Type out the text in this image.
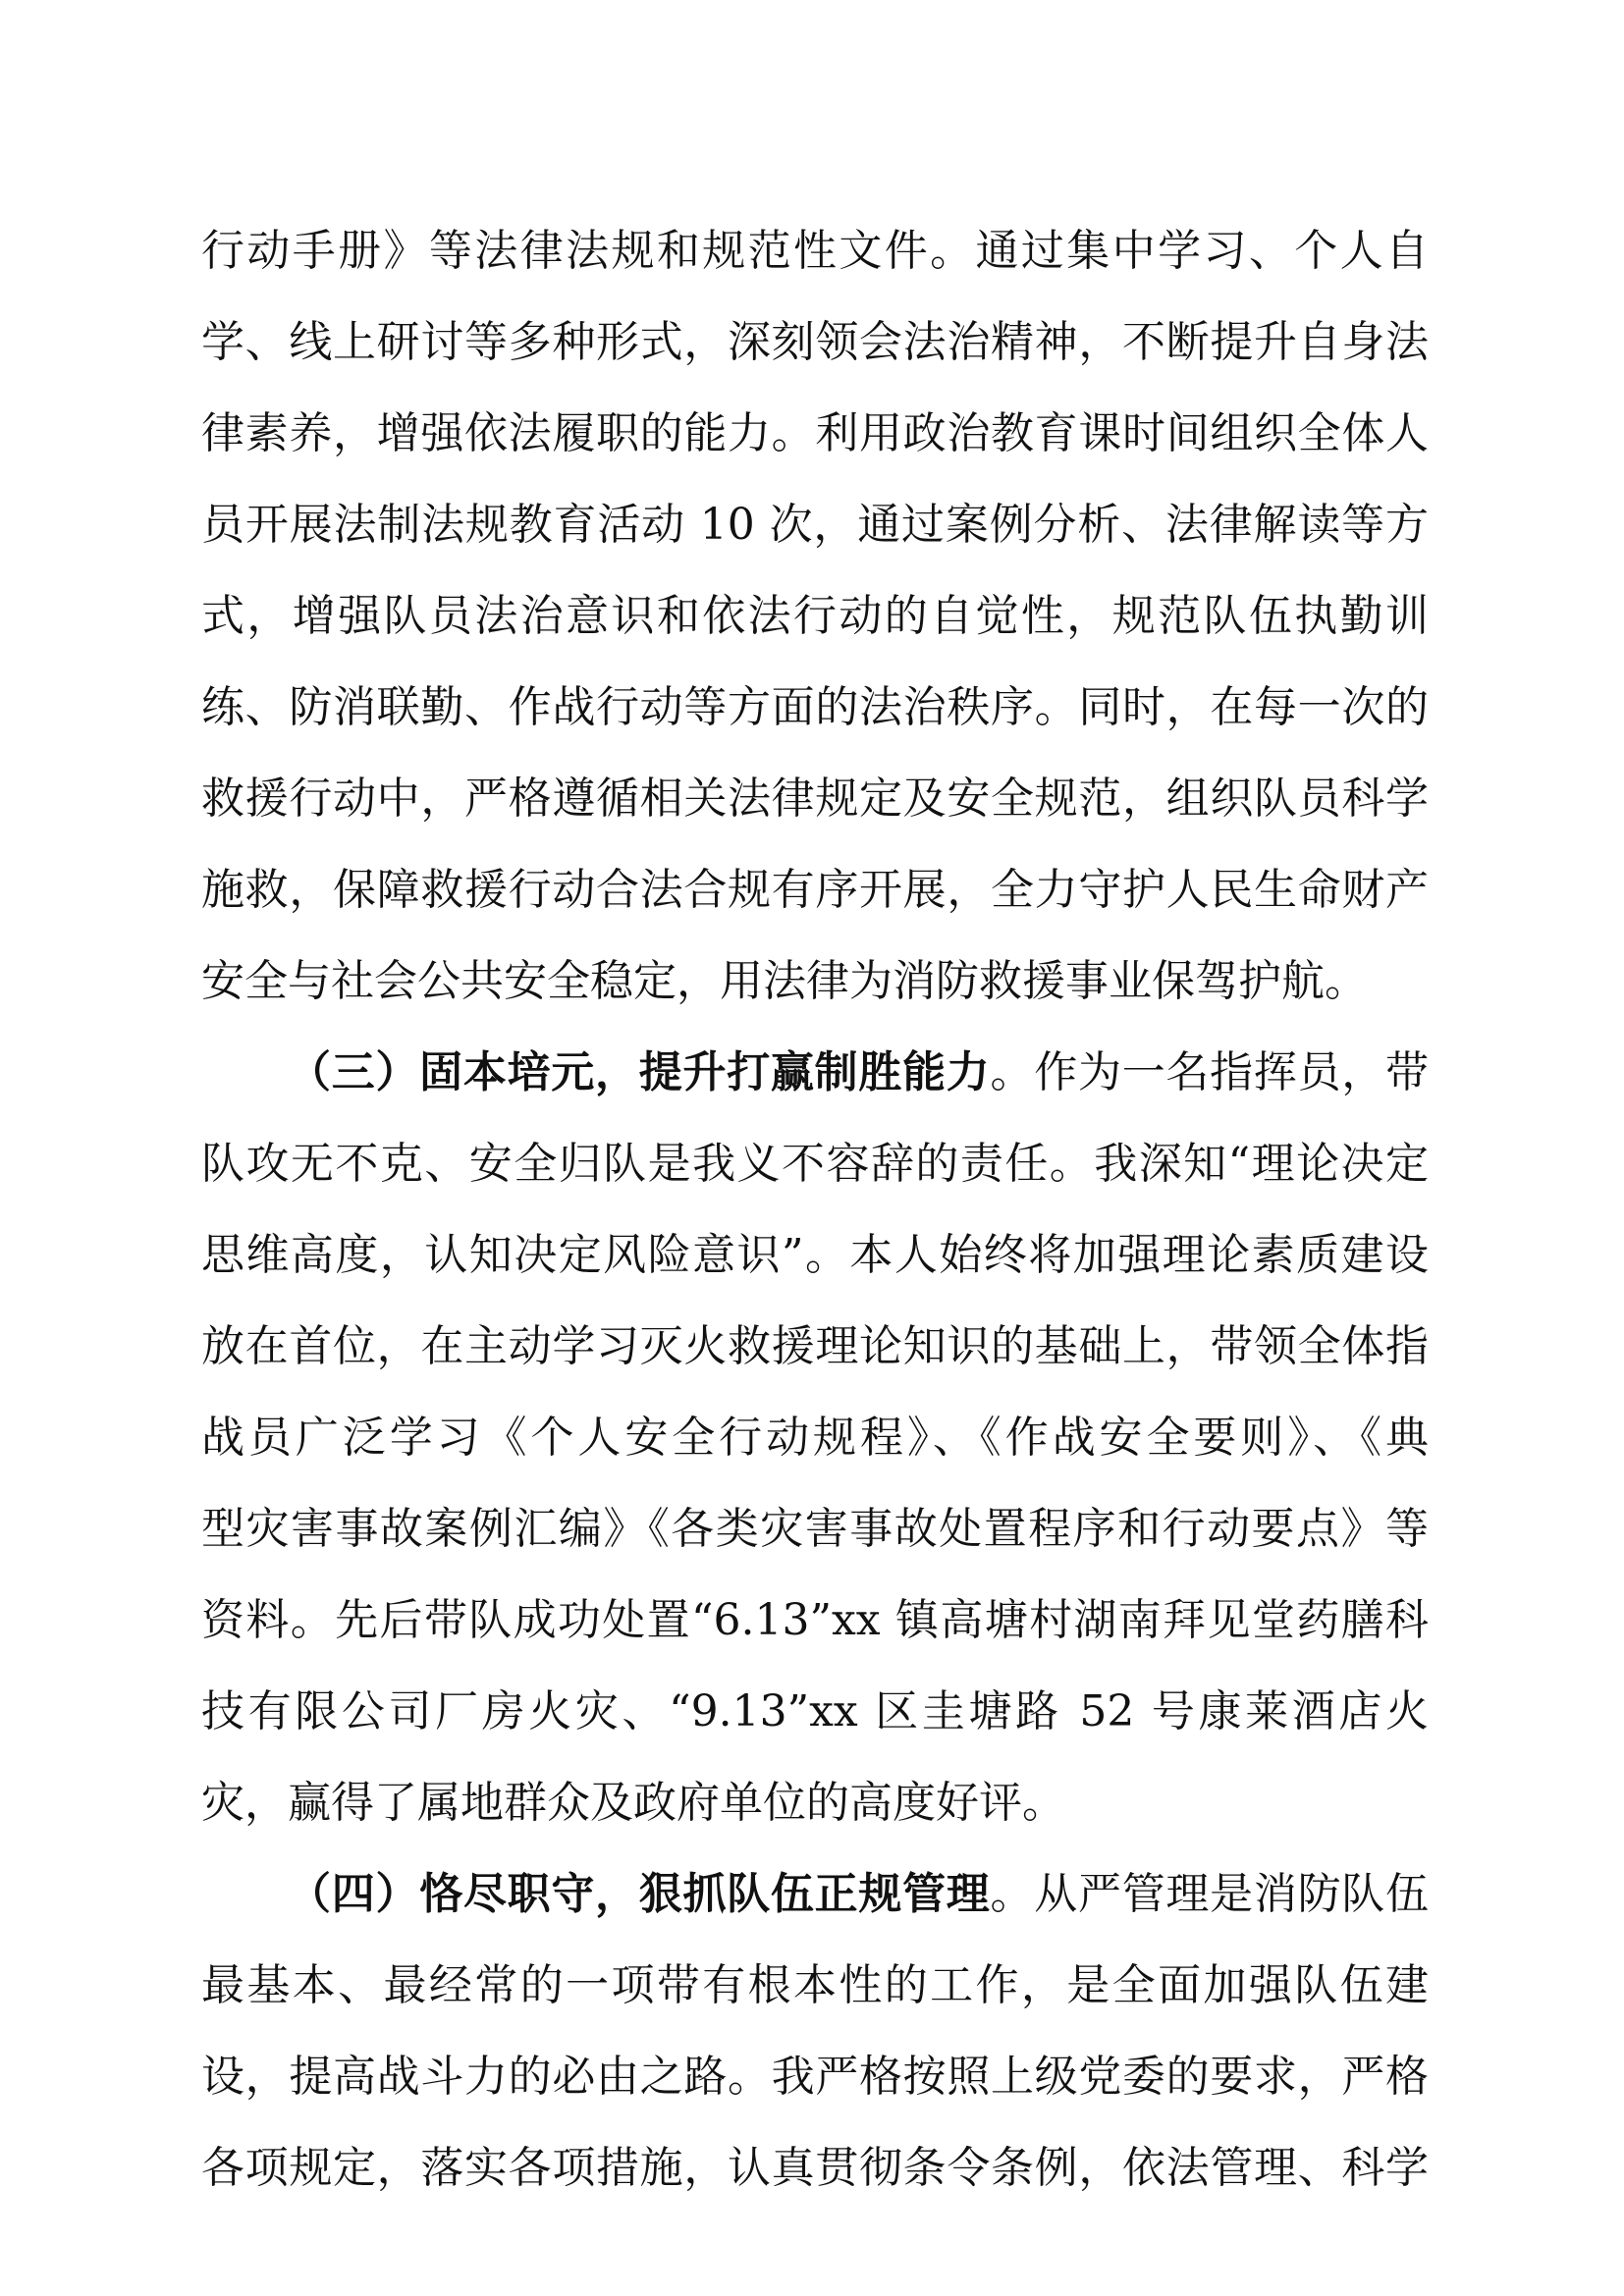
行动手册》等法律法规和规范性文件。通过集中学习、个人自
学、线上研讨等多种形式，深刻领会法治精神，不断提升自身法
律素养，增强依法履职的能力。利用政治教育课时间组织全体人
员开展法制法规教育活动 10 次，通过案例分析、法律解读等方
式，增强队员法治意识和依法行动的自觉性，规范队伍执勤训
练、防消联勤、作战行动等方面的法治秩序。同时，在每一次的
救援行动中，严格遵循相关法律规定及安全规范，组织队员科学
施救，保障救援行动合法合规有序开展，全力守护人民生命财产
安全与社会公共安全稳定，用法律为消防救援事业保驾护航。
（三）固本培元，提升打赢制胜能力。作为一名指挥员，带
队攻无不克、安全归队是我义不容辞的责任。我深知“理论决定
思维高度，认知决定风险意识”。本人始终将加强理论素质建设
放在首位，在主动学习灭火救援理论知识的基础上，带领全体指
战员广泛学习《个人安全行动规程》、《作战安全要则》、《典
型灾害事故案例汇编》《各类灾害事故处置程序和行动要点》等
资料。先后带队成功处置“6.13”xx 镇高塘村湖南拜见堂药膳科
技有限公司厂房火灾、“9.13”xx 区圭塘路 52 号康莱酒店火
灾，赢得了属地群众及政府单位的高度好评。
（四）恪尽职守，狠抓队伍正规管理。从严管理是消防队伍
最基本、最经常的一项带有根本性的工作，是全面加强队伍建
设，提高战斗力的必由之路。我严格按照上级党委的要求，严格
各项规定，落实各项措施，认真贯彻条令条例，依法管理、科学
